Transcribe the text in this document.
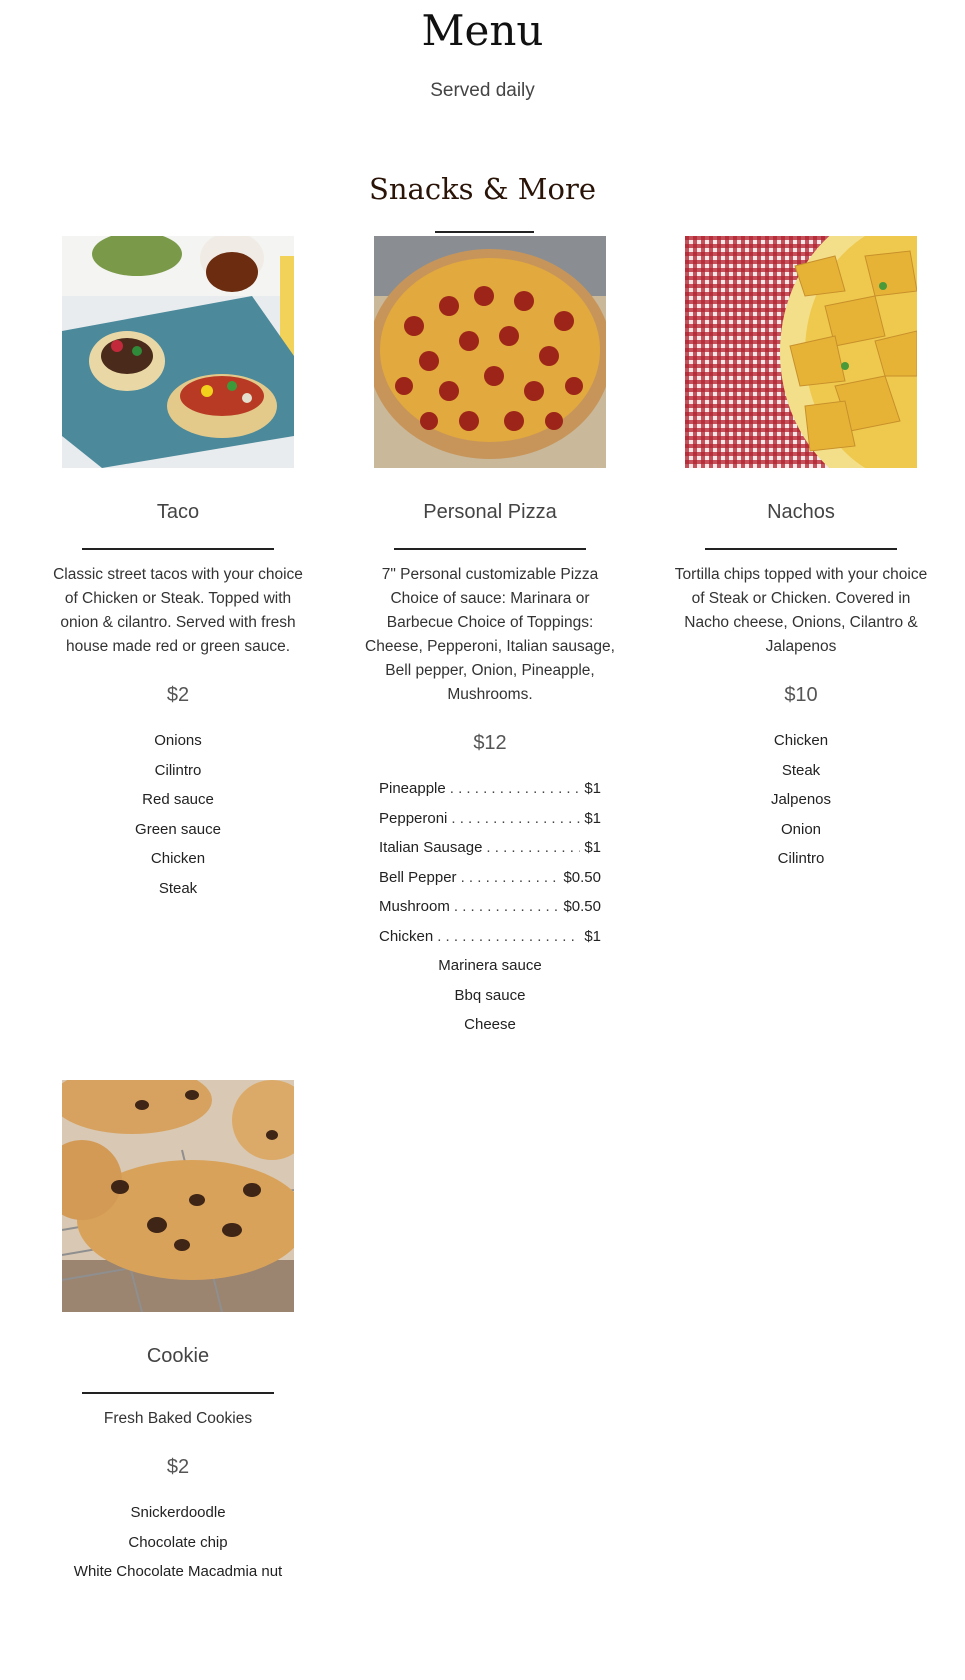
Menu
Served daily
Snacks & More
Taco
Classic street tacos with your choice of Chicken or Steak. Topped with onion & cilantro. Served with fresh house made red or green sauce.
$2
Onions
Cilintro
Red sauce
Green sauce
Chicken
Steak
Personal Pizza
7" Personal customizable Pizza Choice of sauce: Marinara or Barbecue Choice of Toppings: Cheese, Pepperoni, Italian sausage, Bell pepper, Onion, Pineapple, Mushrooms.
$12
Pineapple . . .	$1
Pepperoni . . .	$1
Italian Sausage . . .	$1
Bell Pepper . . .	$0.50
Mushroom . . .	$0.50
Chicken . . .	$1
Marinera sauce
Bbq sauce
Cheese
Nachos
Tortilla chips topped with your choice of Steak or Chicken. Covered in Nacho cheese, Onions, Cilantro & Jalapenos
$10
Chicken
Steak
Jalpenos
Onion
Cilintro
Cookie
Fresh Baked Cookies
$2
Snickerdoodle
Chocolate chip
White Chocolate Macadmia nut
